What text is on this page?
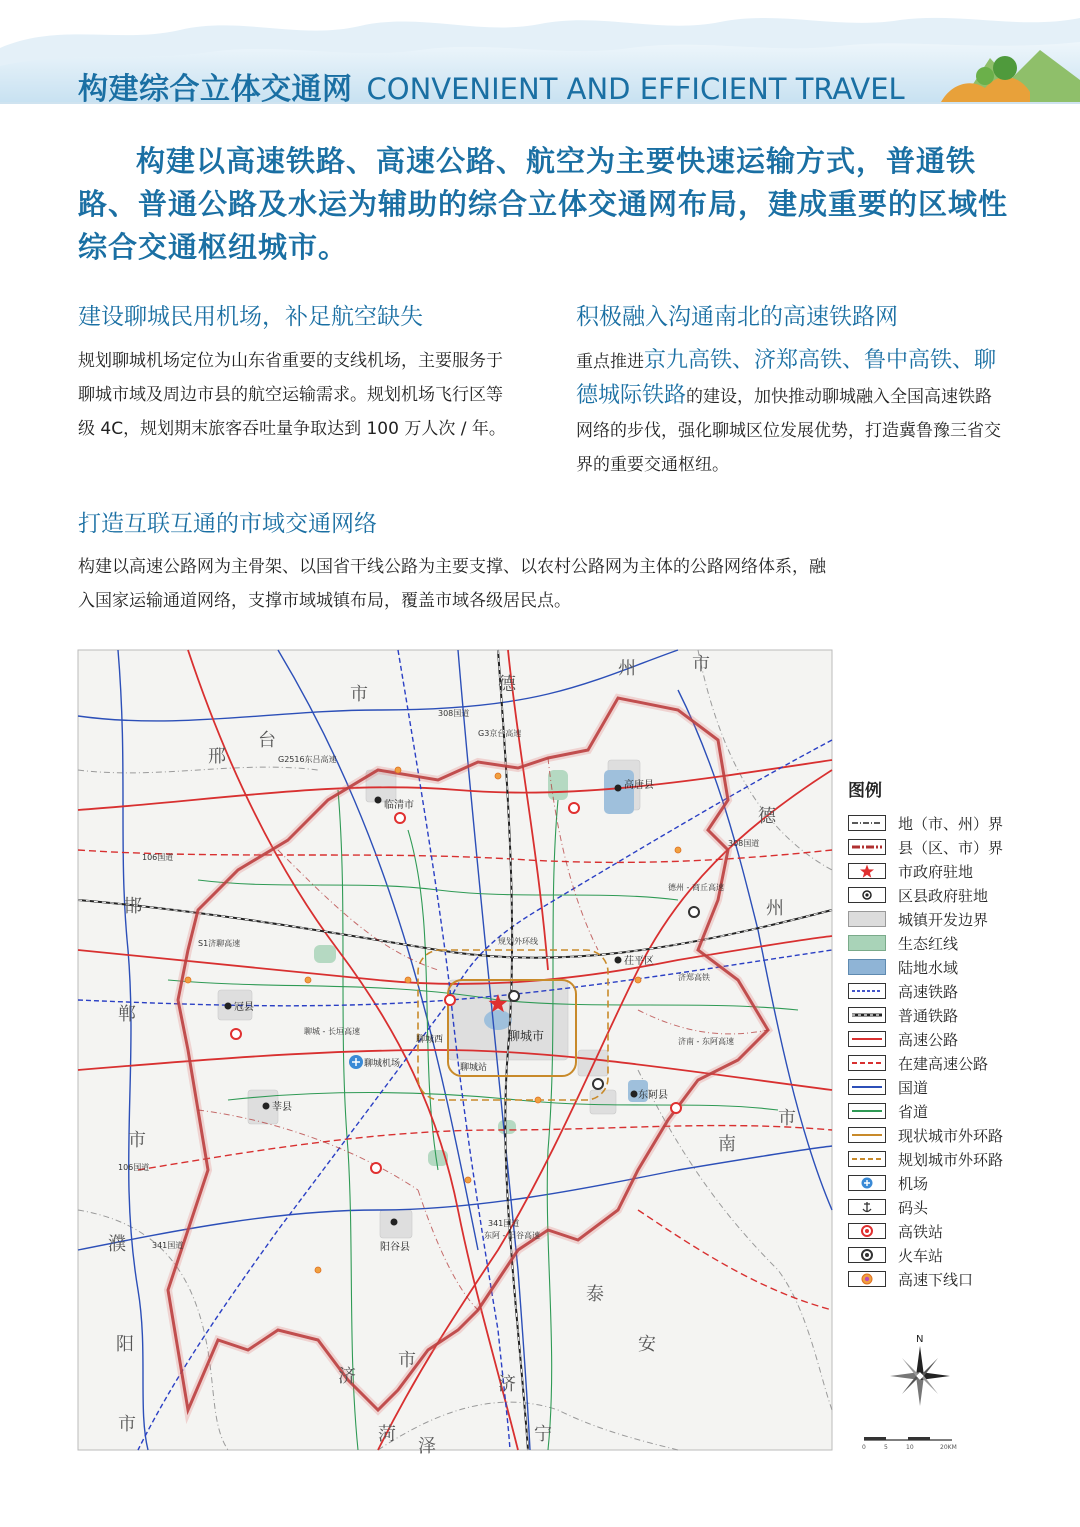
构建综合立体交通网 CONVENIENT AND EFFICIENT TRAVEL
构建以高速铁路、高速公路、航空为主要快速运输方式，普通铁路、普通公路及水运为辅助的综合立体交通网布局，建成重要的区域性综合交通枢纽城市。
建设聊城民用机场，补足航空缺失
规划聊城机场定位为山东省重要的支线机场，主要服务于聊城市域及周边市县的航空运输需求。规划机场飞行区等级 4C，规划期末旅客吞吐量争取达到 100 万人次 / 年。
积极融入沟通南北的高速铁路网
重点推进京九高铁、济郑高铁、鲁中高铁、聊德城际铁路的建设，加快推动聊城融入全国高速铁路网络的步伐，强化聊城区位发展优势，打造冀鲁豫三省交界的重要交通枢纽。
打造互联互通的市域交通网络
构建以高速公路网为主骨架、以国省干线公路为主要支撑、以农村公路网为主体的公路网络体系，融入国家运输通道网络，支撑市域城镇布局，覆盖市域各级居民点。
德
州	市
邢
台
市
邯
郸
市
濮
阳
市
泰
安
市
济
南
市
济
宁
菏
泽
德
州
聊城市
临清市
高唐县
茌平区
冠县
莘县
阳谷县
东阿县
聊城机场
聊城西
聊城站
308国道
308国道
G2516东吕高速
G3京台高速
S1济聊高速
济郑高铁
341国道
341国道
106国道
106国道
德州 - 商丘高速
东阿 - 阳谷高速
济南 - 东阿高速
聊城 - 长垣高速
规划外环线
图例
地（市、州）界
县（区、市）界
市政府驻地
区县政府驻地
城镇开发边界
生态红线
陆地水域
高速铁路
普通铁路
高速公路
在建高速公路
国道
省道
现状城市外环路
规划城市外环路
机场
码头
高铁站
火车站
高速下线口
N
0	5	10	20KM
